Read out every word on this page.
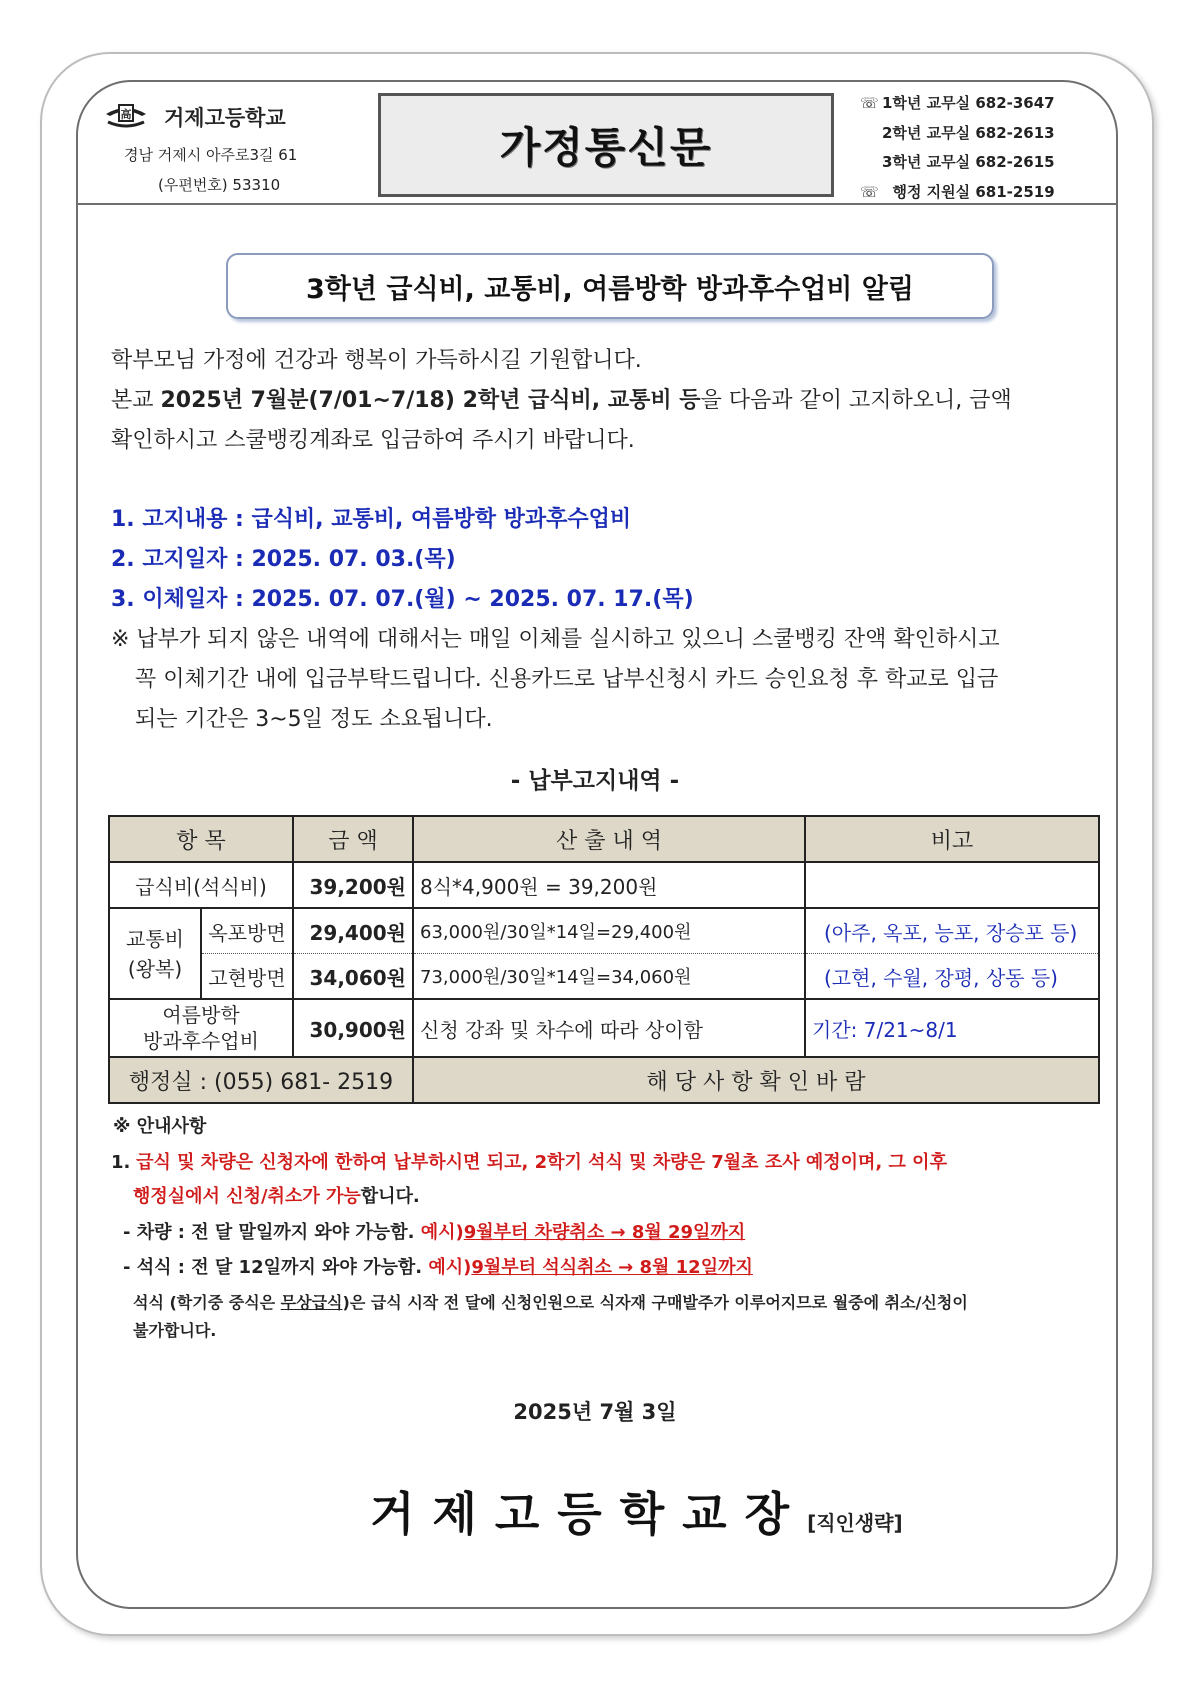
高 거제고등학교
경남 거제시 아주로3길 61
(우편번호) 53310
가정통신문
☏ 1학년 교무실 682-3647
2학년 교무실 682-2613
3학년 교무실 682-2615
☏ 행정 지원실 681-2519
3학년 급식비, 교통비, 여름방학 방과후수업비 알림
학부모님 가정에 건강과 행복이 가득하시길 기원합니다.
본교 2025년 7월분(7/01~7/18) 2학년 급식비, 교통비 등을 다음과 같이 고지하오니, 금액
확인하시고 스쿨뱅킹계좌로 입금하여 주시기 바랍니다.
1. 고지내용 : 급식비, 교통비, 여름방학 방과후수업비
2. 고지일자 : 2025. 07. 03.(목)
3. 이체일자 : 2025. 07. 07.(월) ~ 2025. 07. 17.(목)
※ 납부가 되지 않은 내역에 대해서는 매일 이체를 실시하고 있으니 스쿨뱅킹 잔액 확인하시고
꼭 이체기간 내에 입금부탁드립니다. 신용카드로 납부신청시 카드 승인요청 후 학교로 입금
되는 기간은 3~5일 정도 소요됩니다.
- 납부고지내역 -
항 목		금 액	산 출 내 역	비고
급식비(석식비)		39,200원	8식*4,900원 = 39,200원	
교통비
(왕복)	옥포방면	29,400원	63,000원/30일*14일=29,400원	(아주, 옥포, 능포, 장승포 등)
	고현방면	34,060원	73,000원/30일*14일=34,060원	(고현, 수월, 장평, 상동 등)
여름방학
방과후수업비		30,900원	신청 강좌 및 차수에 따라 상이함	기간: 7/21~8/1
행정실 : (055) 681- 2519			해 당 사 항 확 인 바 람	
※ 안내사항
1. 급식 및 차량은 신청자에 한하여 납부하시면 되고, 2학기 석식 및 차량은 7월초 조사 예정이며, 그 이후
행정실에서 신청/취소가 가능합니다.
- 차량 : 전 달 말일까지 와야 가능함. 예시)9월부터 차량취소 → 8월 29일까지
- 석식 : 전 달 12일까지 와야 가능함. 예시)9월부터 석식취소 → 8월 12일까지
석식 (학기중 중식은 무상급식)은 급식 시작 전 달에 신청인원으로 식자재 구매발주가 이루어지므로 월중에 취소/신청이
불가합니다.
2025년 7월 3일
거제고등학교장[직인생략]
